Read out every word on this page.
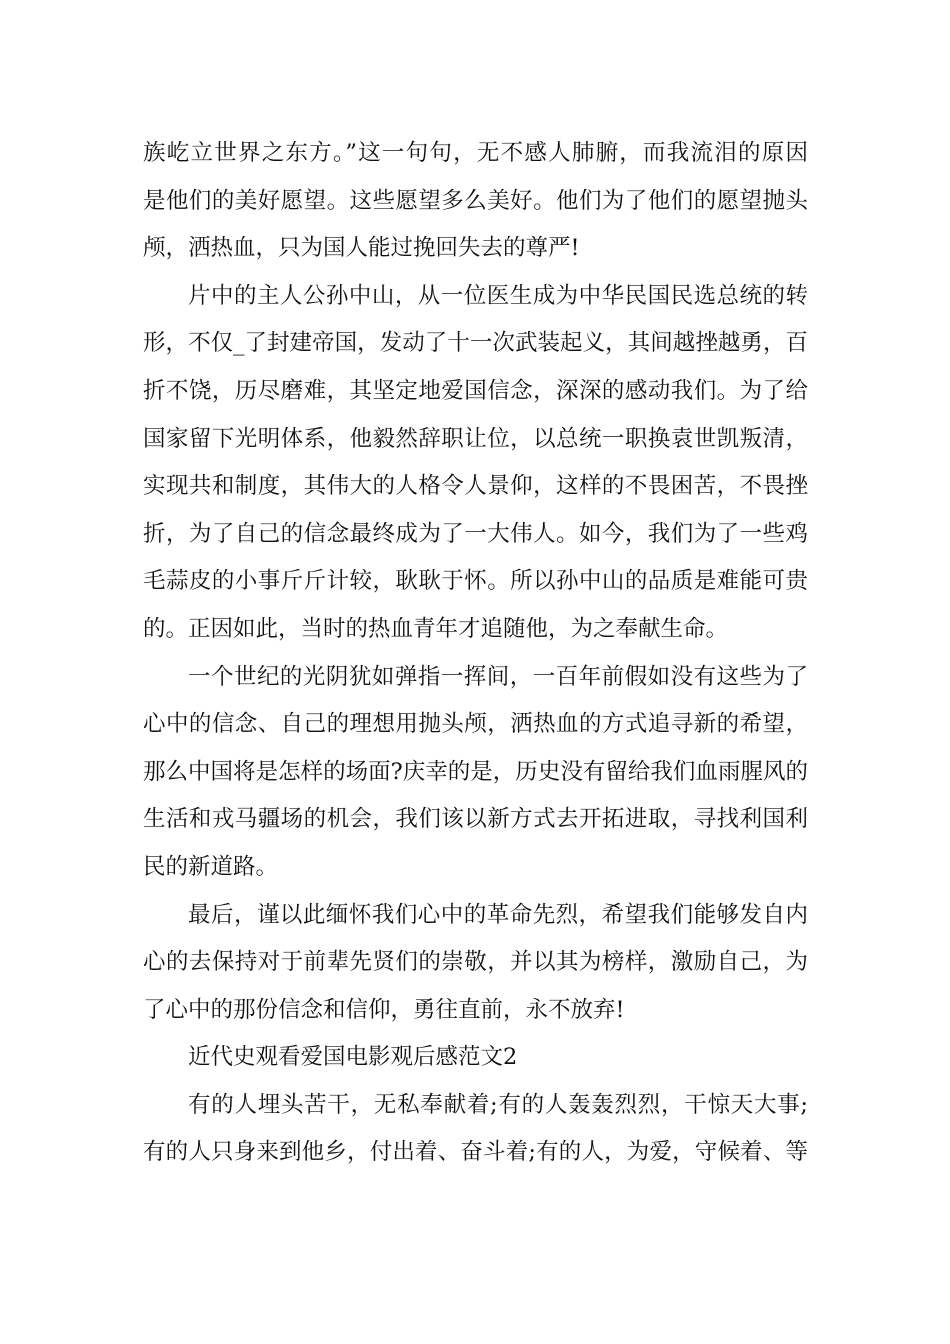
族屹立世界之东方。”这一句句，无不感人肺腑，而我流泪的原因
是他们的美好愿望。这些愿望多么美好。他们为了他们的愿望抛头
颅，洒热血，只为国人能过挽回失去的尊严!
片中的主人公孙中山，从一位医生成为中华民国民选总统的转
形，不仅_了封建帝国，发动了十一次武装起义，其间越挫越勇，百
折不饶，历尽磨难，其坚定地爱国信念，深深的感动我们。为了给
国家留下光明体系，他毅然辞职让位，以总统一职换袁世凯叛清，
实现共和制度，其伟大的人格令人景仰，这样的不畏困苦，不畏挫
折，为了自己的信念最终成为了一大伟人。如今，我们为了一些鸡
毛蒜皮的小事斤斤计较，耿耿于怀。所以孙中山的品质是难能可贵
的。正因如此，当时的热血青年才追随他，为之奉献生命。
一个世纪的光阴犹如弹指一挥间，一百年前假如没有这些为了
心中的信念、自己的理想用抛头颅，洒热血的方式追寻新的希望，
那么中国将是怎样的场面?庆幸的是，历史没有留给我们血雨腥风的
生活和戎马疆场的机会，我们该以新方式去开拓进取，寻找利国利
民的新道路。
最后，谨以此缅怀我们心中的革命先烈，希望我们能够发自内
心的去保持对于前辈先贤们的崇敬，并以其为榜样，激励自己，为
了心中的那份信念和信仰，勇往直前，永不放弃!
近代史观看爱国电影观后感范文2
有的人埋头苦干，无私奉献着;有的人轰轰烈烈，干惊天大事;
有的人只身来到他乡，付出着、奋斗着;有的人，为爱，守候着、等
